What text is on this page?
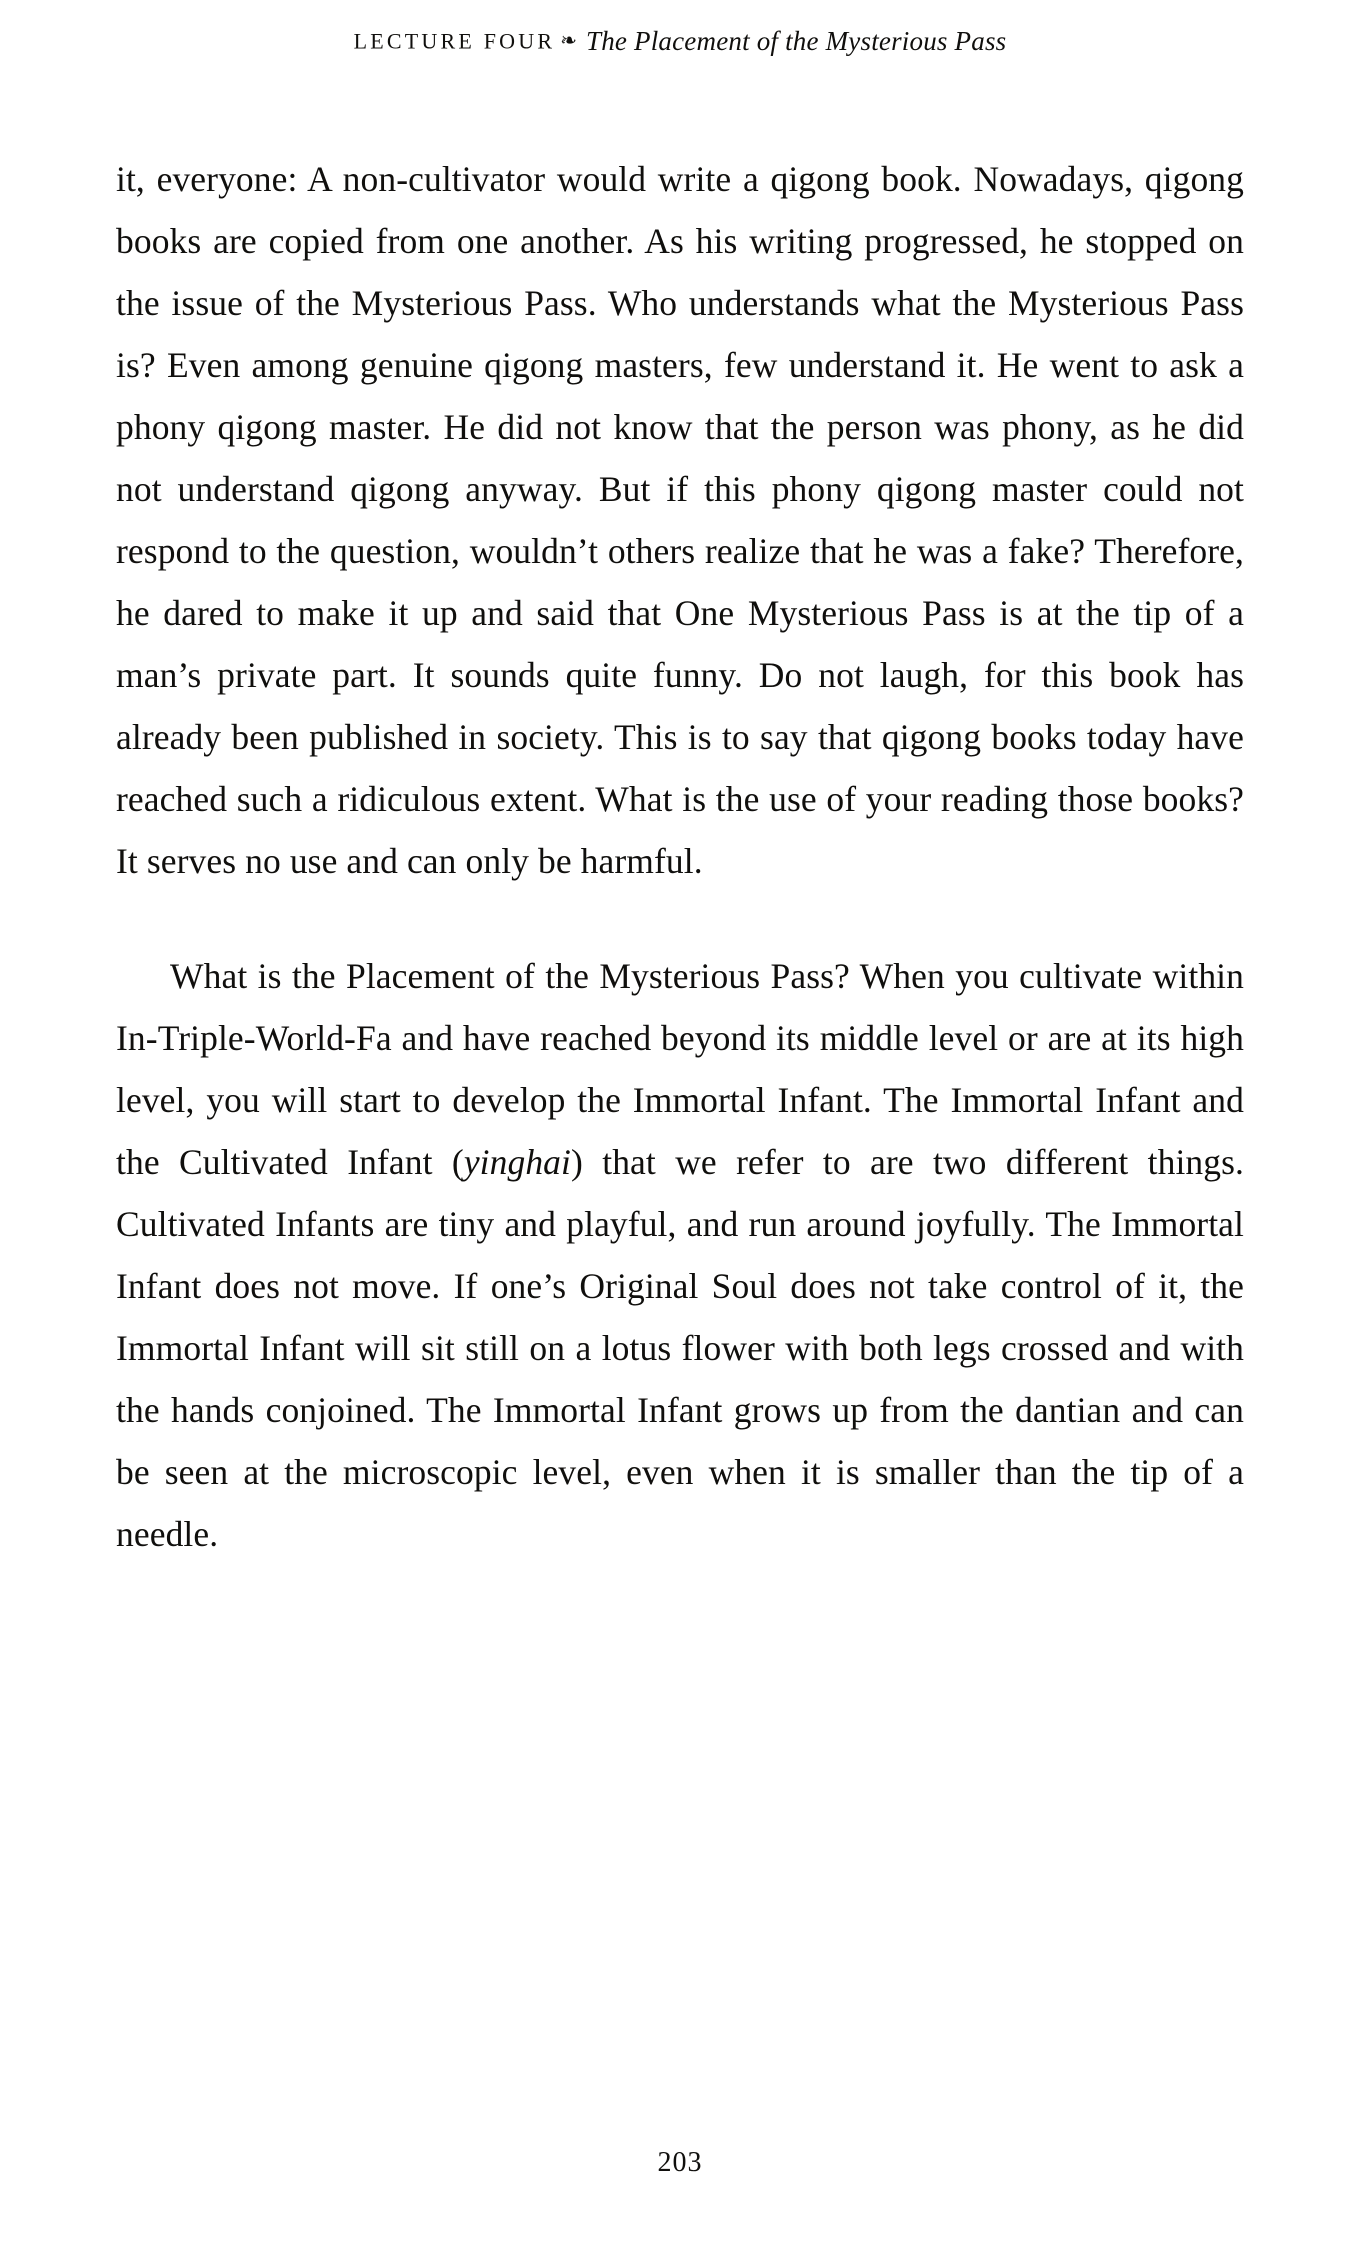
LECTURE FOUR ❧ The Placement of the Mysterious Pass

it, everyone: A non-cultivator would write a qigong book. Nowadays, qigong books are copied from one another. As his writing progressed, he stopped on the issue of the Mysterious Pass. Who understands what the Mysterious Pass is? Even among genuine qigong masters, few understand it. He went to ask a phony qigong master. He did not know that the person was phony, as he did not understand qigong anyway. But if this phony qigong master could not respond to the question, wouldn’t others realize that he was a fake? Therefore, he dared to make it up and said that One Mysterious Pass is at the tip of a man’s private part. It sounds quite funny. Do not laugh, for this book has already been published in society. This is to say that qigong books today have reached such a ridiculous extent. What is the use of your reading those books? It serves no use and can only be harmful.

What is the Placement of the Mysterious Pass? When you cultivate within In-Triple-World-Fa and have reached beyond its middle level or are at its high level, you will start to develop the Immortal Infant. The Immortal Infant and the Cultivated Infant (yinghai) that we refer to are two different things. Cultivated Infants are tiny and playful, and run around joyfully. The Immortal Infant does not move. If one’s Original Soul does not take control of it, the Immortal Infant will sit still on a lotus flower with both legs crossed and with the hands conjoined. The Immortal Infant grows up from the dantian and can be seen at the microscopic level, even when it is smaller than the tip of a needle.

203
